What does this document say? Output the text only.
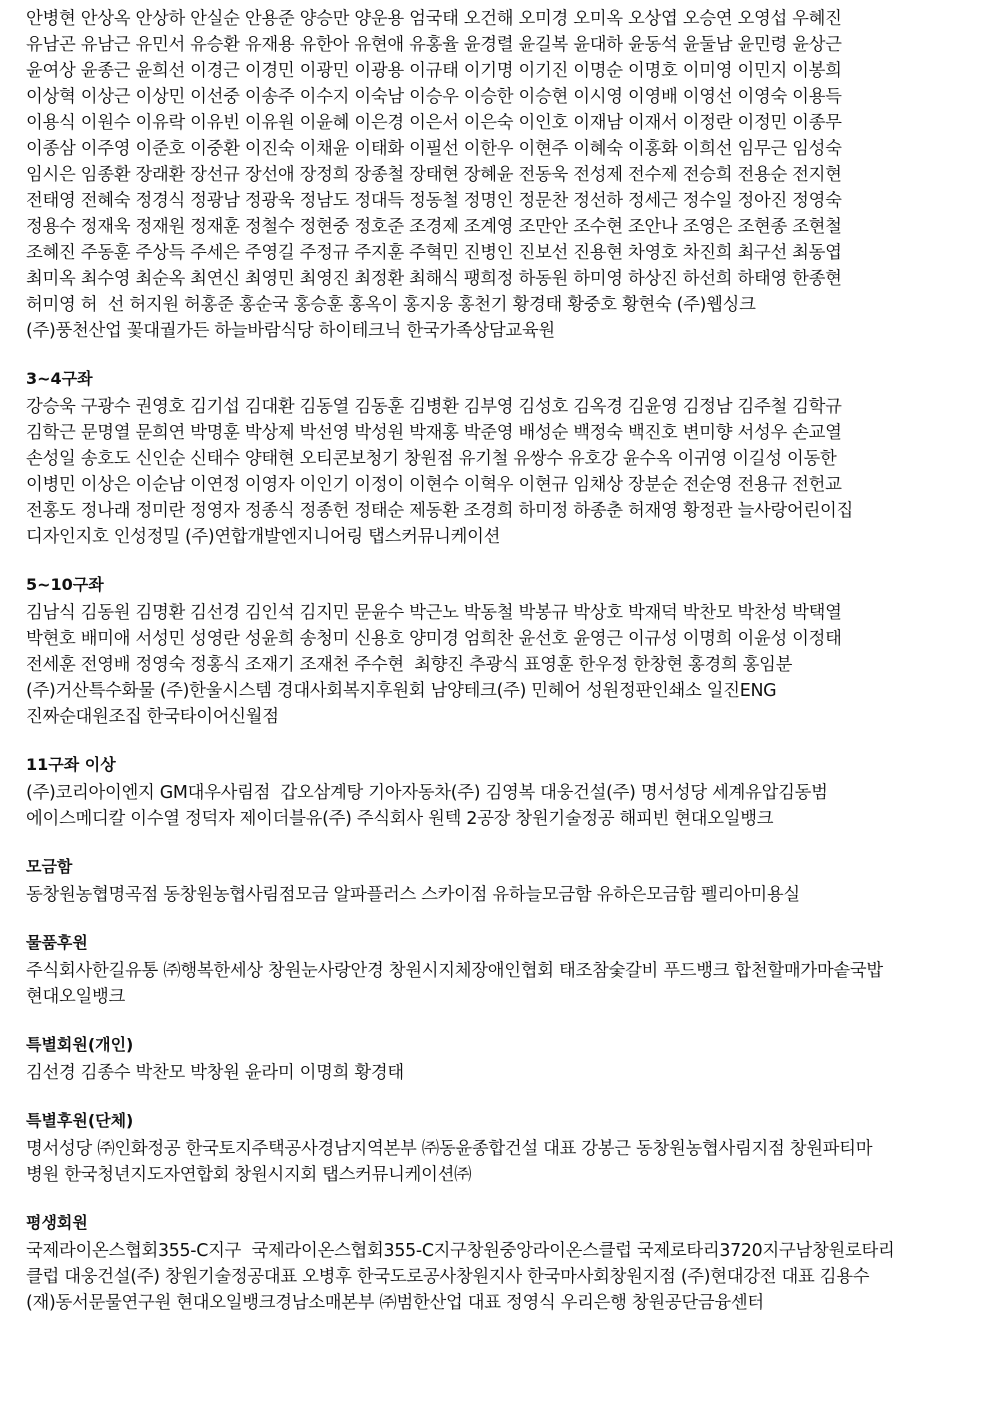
안병현 안상옥 안상하 안실순 안용준 양승만 양운용 엄국태 오건해 오미경 오미옥 오상엽 오승연 오영섭 우혜진
유남곤 유남근 유민서 유승환 유재용 유한아 유현애 유홍율 윤경렬 윤길복 윤대하 윤동석 윤둘남 윤민령 윤상근
윤여상 윤종근 윤희선 이경근 이경민 이광민 이광용 이규태 이기명 이기진 이명순 이명호 이미영 이민지 이봉희
이상혁 이상근 이상민 이선중 이송주 이수지 이숙남 이승우 이승한 이승현 이시영 이영배 이영선 이영숙 이용득
이용식 이원수 이유락 이유빈 이유원 이윤혜 이은경 이은서 이은숙 이인호 이재남 이재서 이정란 이정민 이종무
이종삼 이주영 이준호 이중환 이진숙 이채윤 이태화 이필선 이한우 이현주 이혜숙 이홍화 이희선 임무근 임성숙
임시은 임종환 장래환 장선규 장선애 장정희 장종철 장태현 장혜윤 전동욱 전성제 전수제 전승희 전용순 전지현
전태영 전혜숙 정경식 정광남 정광욱 정남도 정대득 정동철 정명인 정문찬 정선하 정세근 정수일 정아진 정영숙
정용수 정재욱 정재원 정재훈 정철수 정현중 정호준 조경제 조계영 조만안 조수현 조안나 조영은 조현종 조현철
조혜진 주동훈 주상득 주세은 주영길 주정규 주지훈 주혁민 진병인 진보선 진용현 차영호 차진희 최구선 최동엽
최미옥 최수영 최순옥 최연신 최영민 최영진 최정환 최해식 팽희정 하동원 하미영 하상진 하선희 하태영 한종현
허미영 허  선 허지원 허홍준 홍순국 홍승훈 홍옥이 홍지웅 홍천기 황경태 황중호 황현숙 (주)웹싱크
(주)풍천산업 꽃대궐가든 하늘바람식당 하이테크닉 한국가족상담교육원
3~4구좌
강승욱 구광수 권영호 김기섭 김대환 김동열 김동훈 김병환 김부영 김성호 김옥경 김윤영 김정남 김주철 김학규
김학근 문명열 문희연 박명훈 박상제 박선영 박성원 박재홍 박준영 배성순 백정숙 백진호 변미향 서성우 손교열
손성일 송호도 신인순 신태수 양태현 오티콘보청기 창원점 유기철 유쌍수 유호강 윤수옥 이귀영 이길성 이동한
이병민 이상은 이순남 이연정 이영자 이인기 이정이 이현수 이혁우 이현규 임채상 장분순 전순영 전용규 전헌교
전홍도 정나래 정미란 정영자 정종식 정종헌 정태순 제동환 조경희 하미정 하종춘 허재영 황정관 늘사랑어린이집
디자인지호 인성정밀 (주)연합개발엔지니어링 탭스커뮤니케이션
5~10구좌
김남식 김동원 김명환 김선경 김인석 김지민 문윤수 박근노 박동철 박봉규 박상호 박재덕 박찬모 박찬성 박택열
박현호 배미애 서성민 성영란 성윤희 송청미 신용호 양미경 엄희찬 윤선호 윤영근 이규성 이명희 이윤성 이정태
전세훈 전영배 정영숙 정홍식 조재기 조재천 주수현  최향진 추광식 표영훈 한우정 한창현 홍경희 홍임분
(주)거산특수화물 (주)한울시스템 경대사회복지후원회 남양테크(주) 민헤어 성원정판인쇄소 일진ENG
진짜순대원조집 한국타이어신월점
11구좌 이상
(주)코리아이엔지 GM대우사림점  갑오삼계탕 기아자동차(주) 김영복 대웅건설(주) 명서성당 세계유압김동범
에이스메디칼 이수열 정덕자 제이더블유(주) 주식회사 원텍 2공장 창원기술정공 해피빈 현대오일뱅크
모금함
동창원농협명곡점 동창원농협사림점모금 알파플러스 스카이점 유하늘모금함 유하은모금함 펠리아미용실
물품후원
주식회사한길유통 ㈜행복한세상 창원눈사랑안경 창원시지체장애인협회 태조참숯갈비 푸드뱅크 합천할매가마솥국밥
현대오일뱅크
특별회원(개인)
김선경 김종수 박찬모 박창원 윤라미 이명희 황경태
특별후원(단체)
명서성당 ㈜인화정공 한국토지주택공사경남지역본부 ㈜동윤종합건설 대표 강봉근 동창원농협사림지점 창원파티마
병원 한국청년지도자연합회 창원시지회 탭스커뮤니케이션㈜
평생회원
국제라이온스협회355-C지구  국제라이온스협회355-C지구창원중앙라이온스클럽 국제로타리3720지구남창원로타리
클럽 대웅건설(주) 창원기술정공대표 오병후 한국도로공사창원지사 한국마사회창원지점 (주)현대강전 대표 김용수
(재)동서문물연구원 현대오일뱅크경남소매본부 ㈜범한산업 대표 정영식 우리은행 창원공단금융센터
